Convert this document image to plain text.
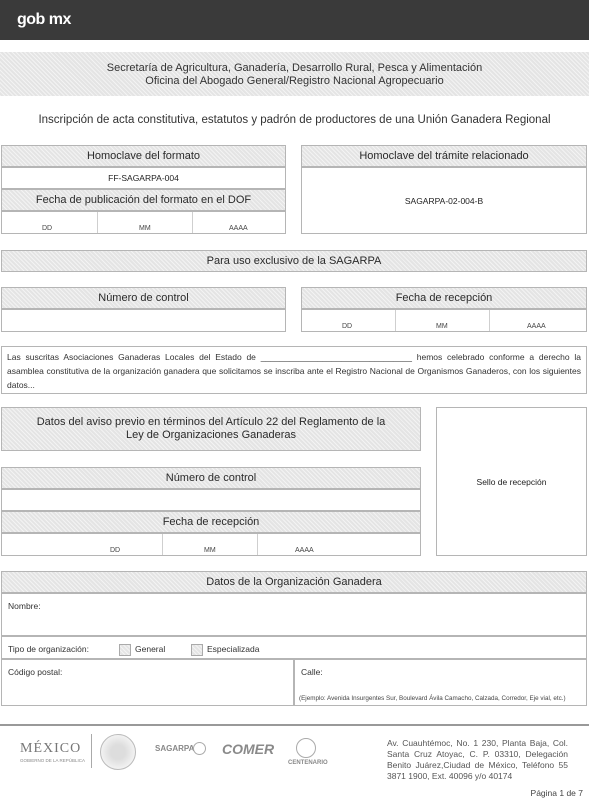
gob mx
Secretaría de Agricultura, Ganadería, Desarrollo Rural, Pesca y Alimentación
Oficina del Abogado General/Registro Nacional Agropecuario
Inscripción de acta constitutiva, estatutos y padrón de productores de una Unión Ganadera Regional
Homoclave del formato
FF-SAGARPA-004
Fecha de publicación del formato en el DOF
DD	MM	AAAA
Homoclave del trámite relacionado
SAGARPA-02-004-B
Para uso exclusivo de la SAGARPA
Número de control	Fecha de recepción
DD	MM	AAAA
Las suscritas Asociaciones Ganaderas Locales del Estado de ________________________________ hemos celebrado conforme a derecho la asamblea constitutiva de la organización ganadera que solicitamos se inscriba ante el Registro Nacional de Organismos Ganaderos, con los siguientes datos...
Datos del aviso previo en términos del Artículo 22 del Reglamento de la
Ley de Organizaciones Ganaderas
Número de control
Fecha de recepción
DD	MM	AAAA
Sello de recepción
Datos de la Organización Ganadera
Nombre:
Tipo de organización:	General	Especializada
Código postal:	Calle:
(Ejemplo: Avenida Insurgentes Sur, Boulevard Ávila Camacho, Calzada, Corredor, Eje vial, etc.)
MÉXICO
GOBIERNO DE LA REPÚBLICA
SAGARPA COMER
CENTENARIO
Av. Cuauhtémoc, No. 1 230, Planta Baja, Col. Santa Cruz Atoyac, C. P. 03310, Delegación Benito Juárez,Ciudad de México, Teléfono 55 3871 1900, Ext. 40096 y/o 40174
Página 1 de 7
